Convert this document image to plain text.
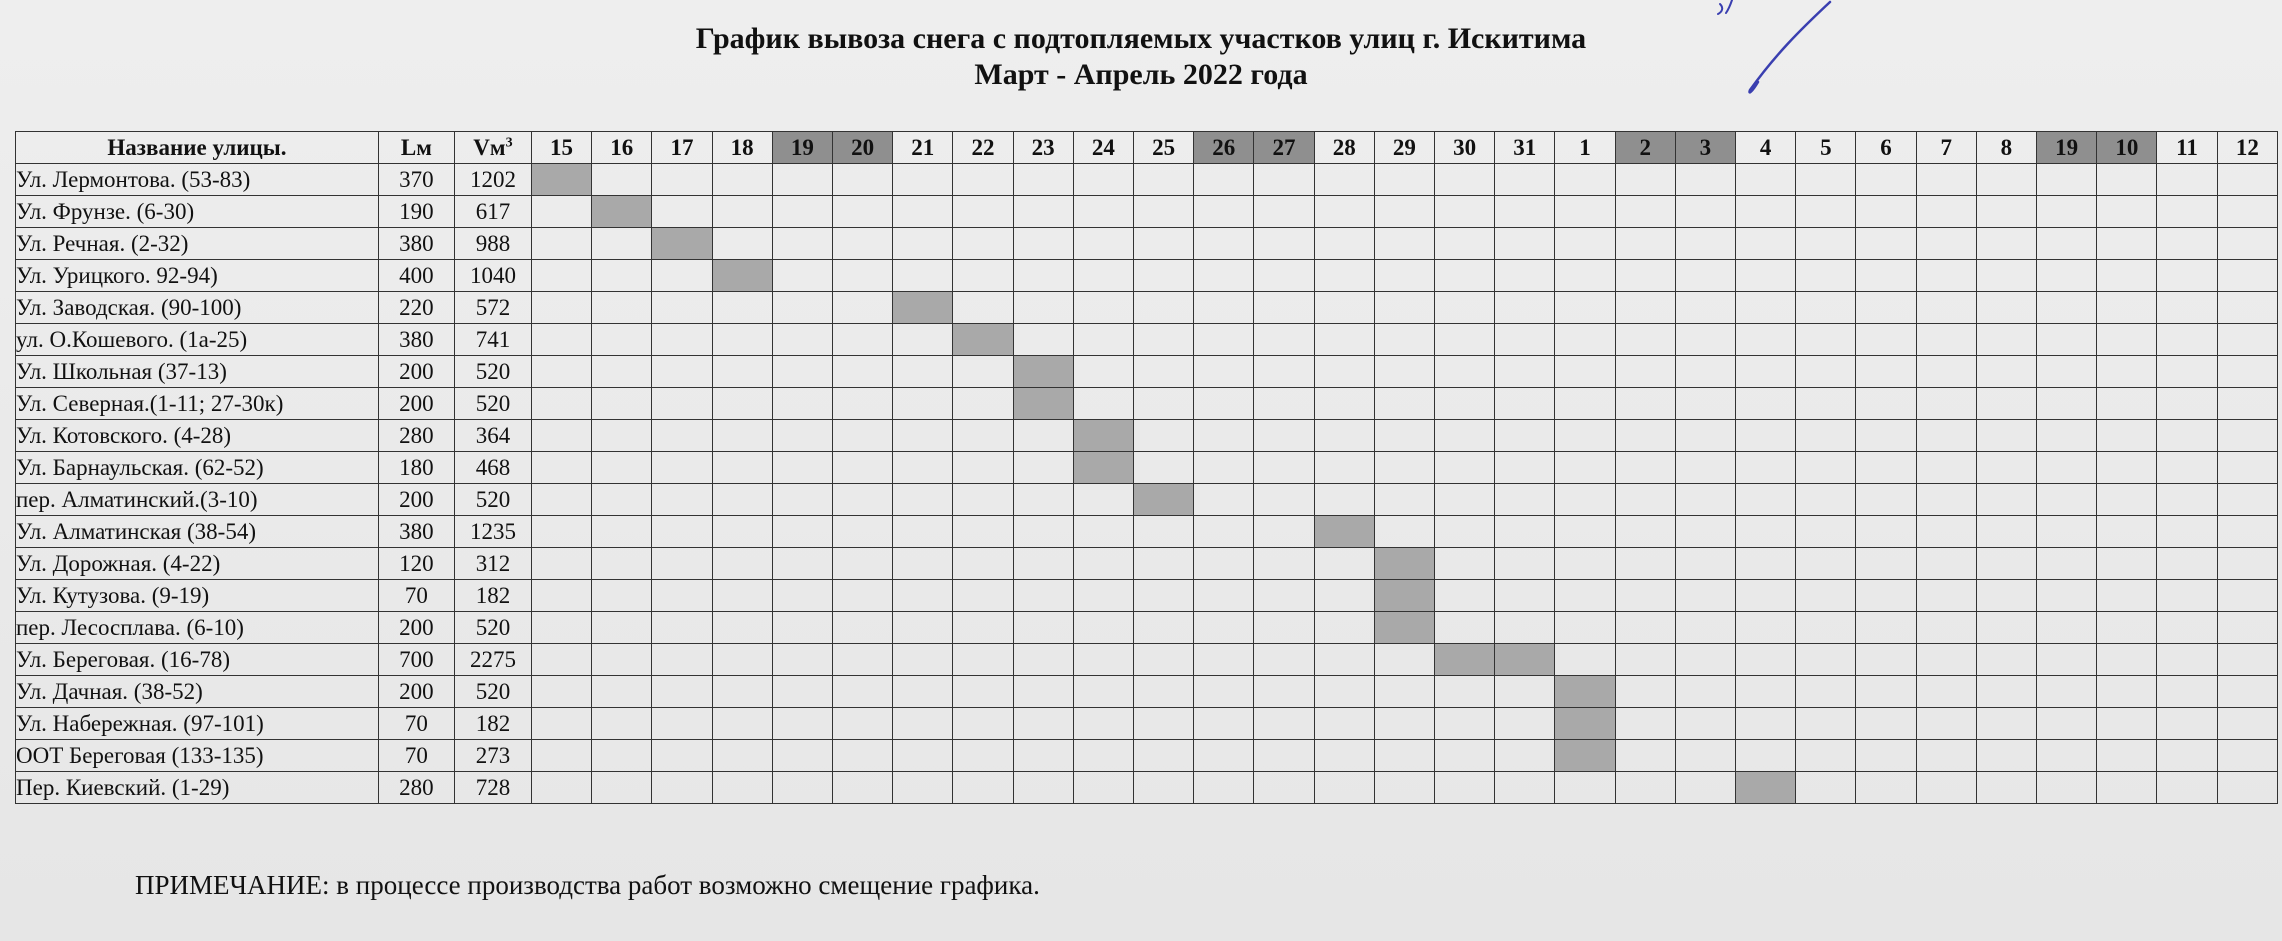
График вывоза снега с подтопляемых участков улиц г. Искитима
Март - Апрель 2022 года
Название улицы.	Lм	$Vм^3$	15	16	17	18	19	20	21	22	23	24	25	26	27	28	29	30	31	1	2	3	4	5	6	7	8	19	10	11	12
Ул. Лермонтова. (53-83)	370	1202																													
Ул. Фрунзе. (6-30)	190	617																													
Ул. Речная. (2-32)	380	988																													
Ул. Урицкого. 92-94)	400	1040																													
Ул. Заводская. (90-100)	220	572																													
ул. О.Кошевого. (1а-25)	380	741																													
Ул. Школьная (37-13)	200	520																													
Ул. Северная.(1-11; 27-30к)	200	520																													
Ул. Котовского. (4-28)	280	364																													
Ул. Барнаульская. (62-52)	180	468																													
пер. Алматинский.(3-10)	200	520																													
Ул. Алматинская (38-54)	380	1235																													
Ул. Дорожная. (4-22)	120	312																													
Ул. Кутузова. (9-19)	70	182																													
пер. Лесосплава. (6-10)	200	520																													
Ул. Береговая. (16-78)	700	2275																													
Ул. Дачная. (38-52)	200	520																													
Ул. Набережная. (97-101)	70	182																													
ООТ Береговая (133-135)	70	273																													
Пер. Киевский. (1-29)	280	728																													
ПРИМЕЧАНИЕ: в процессе производства работ возможно смещение графика.
